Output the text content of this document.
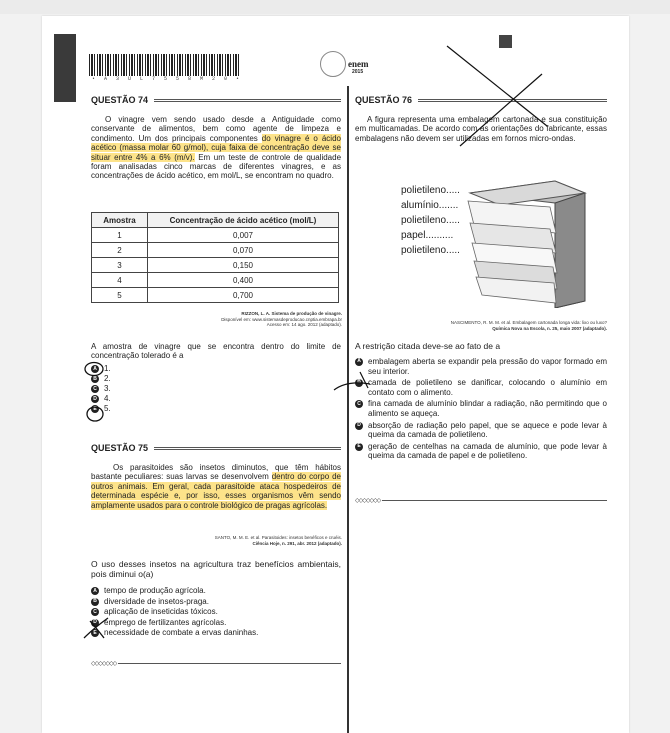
• A 3 U L 7 5 5 8 M 2 0 •
enem
2015
QUESTÃO 74
O vinagre vem sendo usado desde a Antiguidade como conservante de alimentos, bem como agente de limpeza e condimento. Um dos principais componentes do vinagre é o ácido acético (massa molar 60 g/mol), cuja faixa de concentração deve se situar entre 4% a 6% (m/v). Em um teste de controle de qualidade foram analisadas cinco marcas de diferentes vinagres, e as concentrações de ácido acético, em mol/L, se encontram no quadro.
Amostra	Concentração de ácido acético (mol/L)
1	0,007
2	0,070
3	0,150
4	0,400
5	0,700
RIZZON, L. A. Sistema de produção de vinagre.
Disponível em: www.sistemasdeproducao.cnptia.embrapa.br
Acesso em: 14 ago. 2012 (adaptado).
A amostra de vinagre que se encontra dentro do limite de concentração tolerado é a
A 1.
B 2.
C 3.
D 4.
E 5.
QUESTÃO 75
Os parasitoides são insetos diminutos, que têm hábitos bastante peculiares: suas larvas se desenvolvem dentro do corpo de outros animais. Em geral, cada parasitoide ataca hospedeiros de determinada espécie e, por isso, esses organismos vêm sendo amplamente usados para o controle biológico de pragas agrícolas.
SANTO, M. M. E. et al. Parasitoides: insetos benéficos e cruéis.
Ciência Hoje, n. 291, abr. 2012 (adaptado).
O uso desses insetos na agricultura traz benefícios ambientais, pois diminui o(a)
A tempo de produção agrícola.
B diversidade de insetos-praga.
C aplicação de inseticidas tóxicos.
D emprego de fertilizantes agrícolas.
E necessidade de combate a ervas daninhas.
◇◇◇◇◇◇◇
QUESTÃO 76
A figura representa uma embalagem cartonada e sua constituição em multicamadas. De acordo com as orientações do fabricante, essas embalagens não devem ser utilizadas em fornos micro-ondas.
polietileno.....
alumínio.......
polietileno.....
papel..........
polietileno.....
NASCIMENTO, R. M. M. et al. Embalagem cartonada longa vida: lixo ou luxo?
Química Nova na Escola, n. 25, maio 2007 (adaptado).
A restrição citada deve-se ao fato de a
A embalagem aberta se expandir pela pressão do vapor formado em seu interior.
B camada de polietileno se danificar, colocando o alumínio em contato com o alimento.
C fina camada de alumínio blindar a radiação, não permitindo que o alimento se aqueça.
D absorção de radiação pelo papel, que se aquece e pode levar à queima da camada de polietileno.
E geração de centelhas na camada de alumínio, que pode levar à queima da camada de papel e de polietileno.
◇◇◇◇◇◇◇
